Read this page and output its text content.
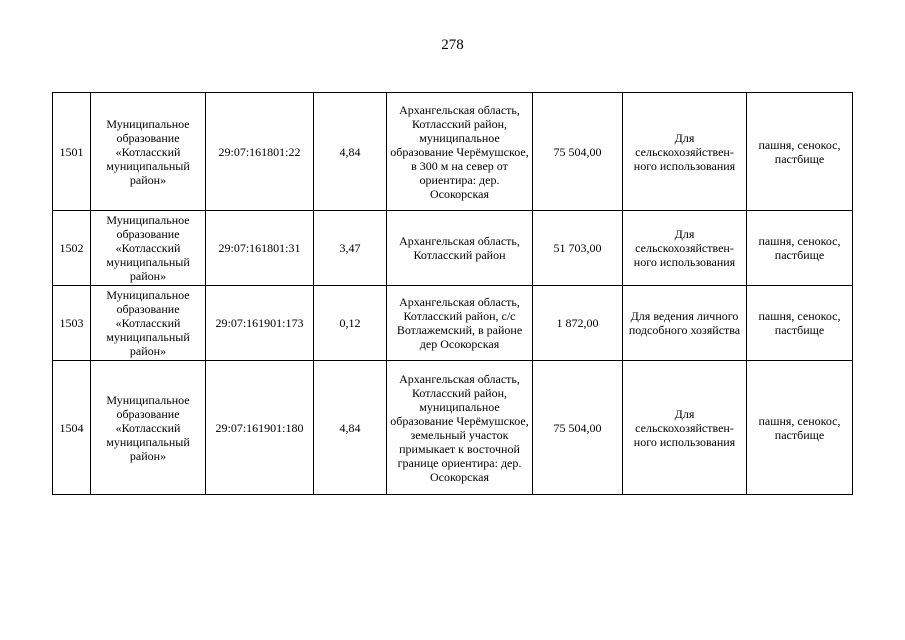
278
1501	Муниципальное образование «Котласский муниципальный район»	29:07:161801:22	4,84	Архангельская область, Котласский район, муниципальное образование Черёмушское, в 300 м на север от ориентира: дер. Осокорская	75 504,00	Для сельскохозяйствен-ного использования	пашня, сенокос, пастбище
1502	Муниципальное образование «Котласский муниципальный район»	29:07:161801:31	3,47	Архангельская область, Котласский район	51 703,00	Для сельскохозяйствен-ного использования	пашня, сенокос, пастбище
1503	Муниципальное образование «Котласский муниципальный район»	29:07:161901:173	0,12	Архангельская область, Котласский район, с/с Вотлажемский, в районе дер Осокорская	1 872,00	Для ведения личного подсобного хозяйства	пашня, сенокос, пастбище
1504	Муниципальное образование «Котласский муниципальный район»	29:07:161901:180	4,84	Архангельская область, Котласский район, муниципальное образование Черёмушское, земельный участок примыкает к восточной границе ориентира: дер. Осокорская	75 504,00	Для сельскохозяйствен-ного использования	пашня, сенокос, пастбище
